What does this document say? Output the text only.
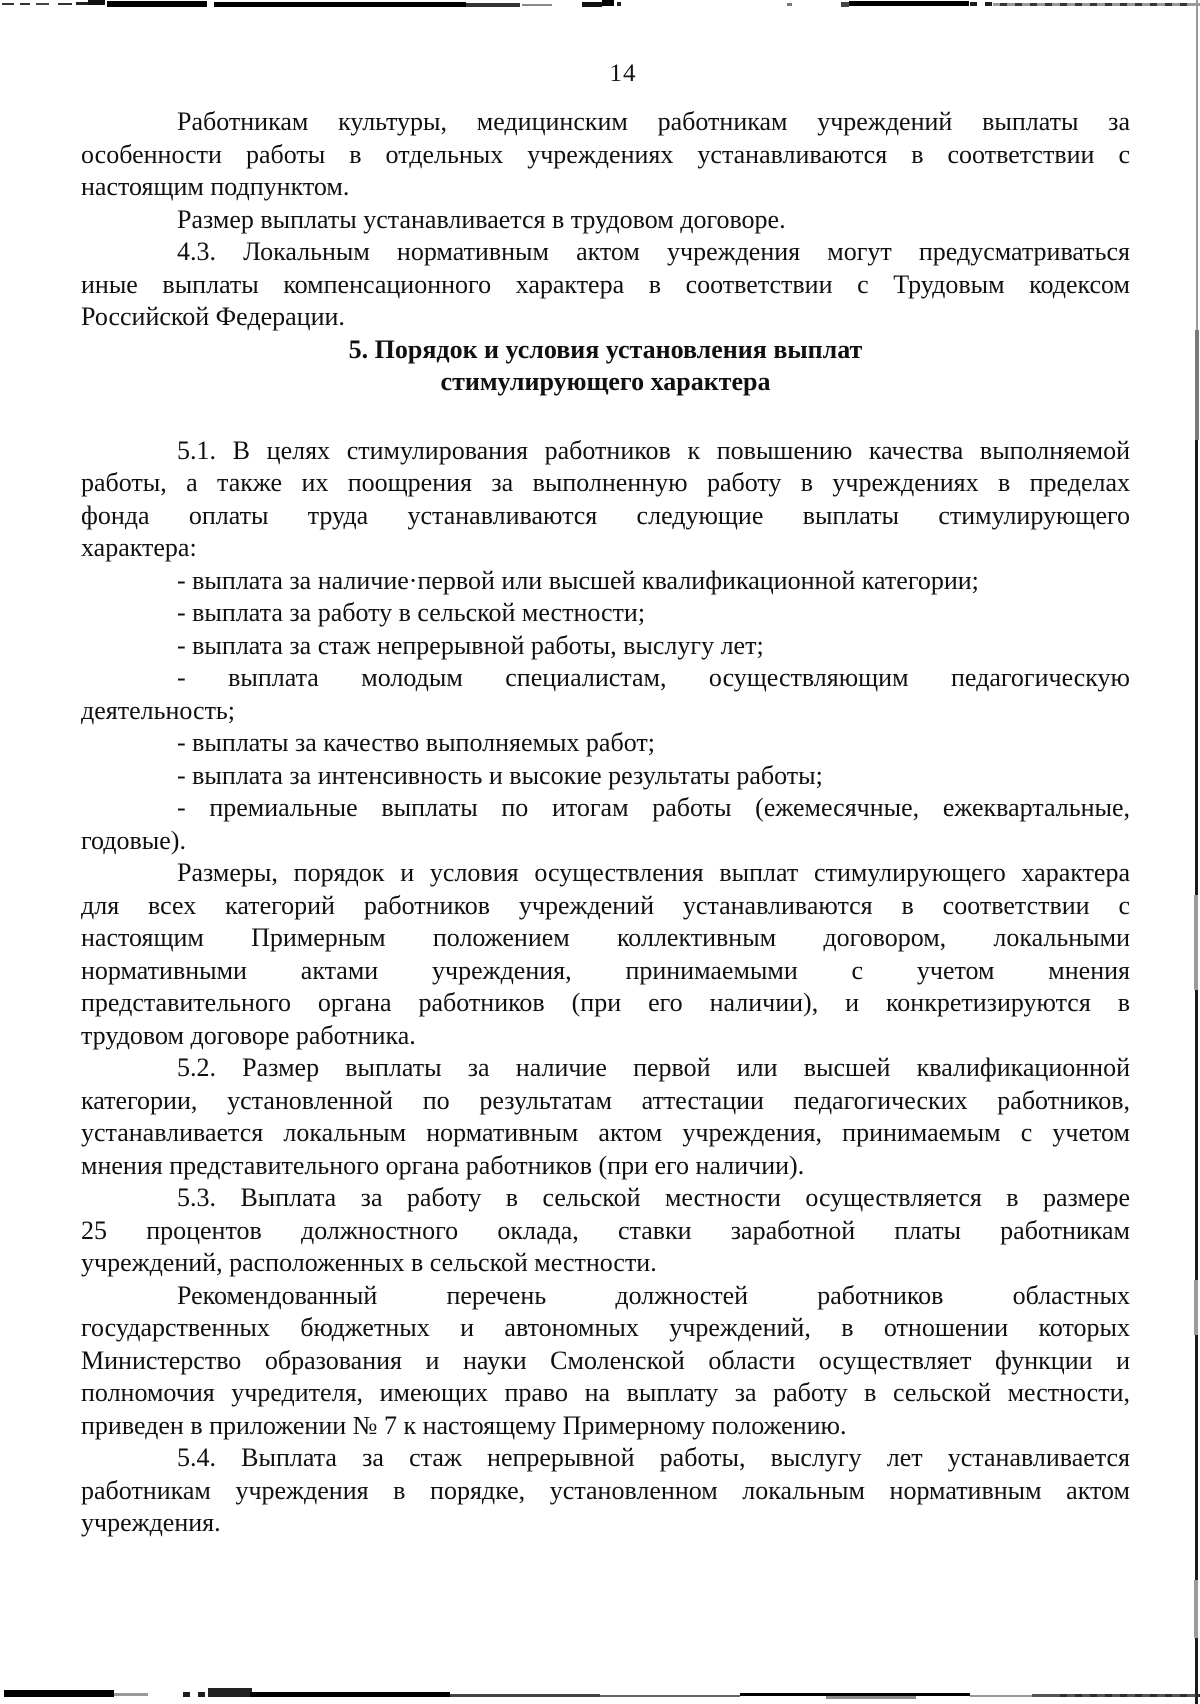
14
Работникам культуры, медицинским работникам учреждений выплаты за
особенности работы в отдельных учреждениях устанавливаются в соответствии с
настоящим подпунктом.
Размер выплаты устанавливается в трудовом договоре.
4.3. Локальным нормативным актом учреждения могут предусматриваться
иные выплаты компенсационного характера в соответствии с Трудовым кодексом
Российской Федерации.
5. Порядок и условия установления выплат
стимулирующего характера
5.1. В целях стимулирования работников к повышению качества выполняемой
работы, а также их поощрения за выполненную работу в учреждениях в пределах
фонда оплаты труда устанавливаются следующие выплаты стимулирующего
характера:
- выплата за наличие·первой или высшей квалификационной категории;
- выплата за работу в сельской местности;
- выплата за стаж непрерывной работы, выслугу лет;
- выплата молодым специалистам, осуществляющим педагогическую
деятельность;
- выплаты за качество выполняемых работ;
- выплата за интенсивность и высокие результаты работы;
- премиальные выплаты по итогам работы (ежемесячные, ежеквартальные,
годовые).
Размеры, порядок и условия осуществления выплат стимулирующего характера
для всех категорий работников учреждений устанавливаются в соответствии с
настоящим Примерным положением коллективным договором, локальными
нормативными актами учреждения, принимаемыми с учетом мнения
представительного органа работников (при его наличии), и конкретизируются в
трудовом договоре работника.
5.2. Размер выплаты за наличие первой или высшей квалификационной
категории, установленной по результатам аттестации педагогических работников,
устанавливается локальным нормативным актом учреждения, принимаемым с учетом
мнения представительного органа работников (при его наличии).
5.3. Выплата за работу в сельской местности осуществляется в размере
25 процентов должностного оклада, ставки заработной платы работникам
учреждений, расположенных в сельской местности.
Рекомендованный перечень должностей работников областных
государственных бюджетных и автономных учреждений, в отношении которых
Министерство образования и науки Смоленской области осуществляет функции и
полномочия учредителя, имеющих право на выплату за работу в сельской местности,
приведен в приложении № 7 к настоящему Примерному положению.
5.4. Выплата за стаж непрерывной работы, выслугу лет устанавливается
работникам учреждения в порядке, установленном локальным нормативным актом
учреждения.
